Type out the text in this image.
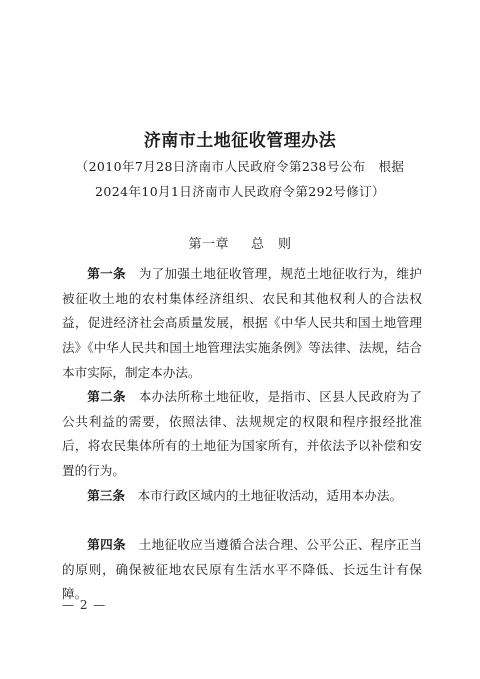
济南市土地征收管理办法
（2010年7月28日济南市人民政府令第238号公布　根据
2024年10月1日济南市人民政府令第292号修订）
第一章 总　则

第一条　 为了加强土地征收管理，规范土地征收行为，维护被征收土地的农村集体经济组织、农民和其他权利人的合法权益，促进经济社会高质量发展，根据《中华人民共和国土地管理法》《中华人民共和国土地管理法实施条例》等法律、法规，结合本市实际，制定本办法。

第二条　 本办法所称土地征收，是指市、区县人民政府为了公共利益的需要，依照法律、法规规定的权限和程序报经批准后，将农民集体所有的土地征为国家所有，并依法予以补偿和安置的行为。

第三条　 本市行政区域内的土地征收活动，适用本办法。

第四条　 土地征收应当遵循合法合理、公平公正、程序正当的原则，确保被征地农民原有生活水平不降低、长远生计有保障。

— 2 —
